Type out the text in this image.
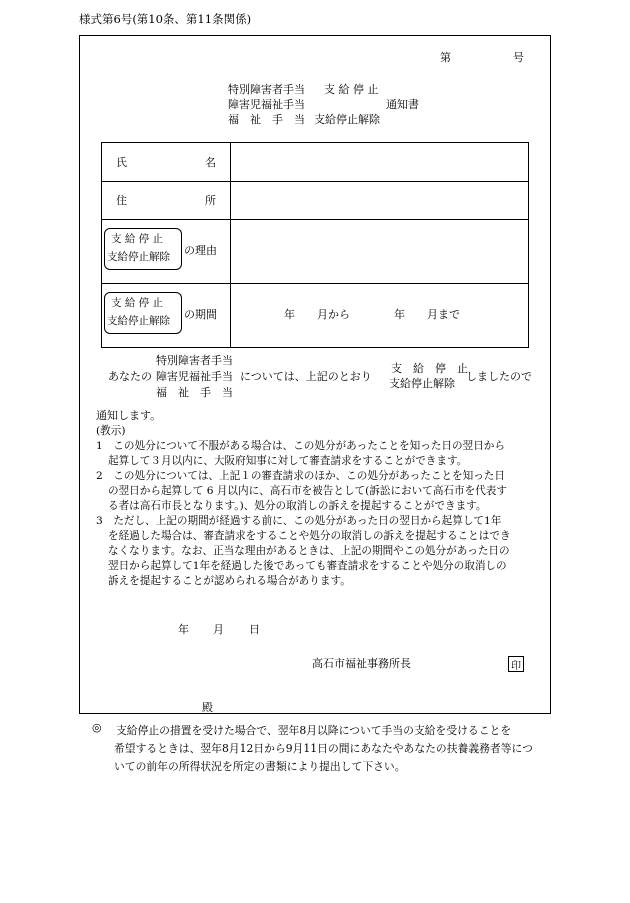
様式第6号(第10条、第11条関係)
第	号
特別障害者手当 支 給 停 止
障害児福祉手当	通知書
福　祉　手　当 支給停止解除
氏	名
住	所
支 給 停 止
支給停止解除 の理由
支 給 停 止
支給停止解除 の期間	年　　月から　　　　年　　月まで
特別障害者手当
あなたの 障害児福祉手当 については、上記のとおり
福　祉　手　当
支　給　停　止
支給停止解除
しましたので
通知します。
(教示)
1　この処分について不服がある場合は、この処分があったことを知った日の翌日から
起算して３月以内に、大阪府知事に対して審査請求をすることができます。
2　この処分については、上記１の審査請求のほか、この処分があったことを知った日
の翌日から起算して 6 月以内に、高石市を被告として(訴訟において高石市を代表す
る者は高石市長となります。)、処分の取消しの訴えを提起することができます。
3　ただし、上記の期間が経過する前に、この処分があった日の翌日から起算して1年
を経過した場合は、審査請求をすることや処分の取消しの訴えを提起することはでき
なくなります。なお、正当な理由があるときは、上記の期間やこの処分があった日の
翌日から起算して1年を経過した後であっても審査請求をすることや処分の取消しの
訴えを提起することが認められる場合があります。
年 月 日
高石市福祉事務所長	印
殿
◎ 支給停止の措置を受けた場合で、翌年8月以降について手当の支給を受けることを
希望するときは、翌年8月12日から9月11日の間にあなたやあなたの扶養義務者等につ
いての前年の所得状況を所定の書類により提出して下さい。
